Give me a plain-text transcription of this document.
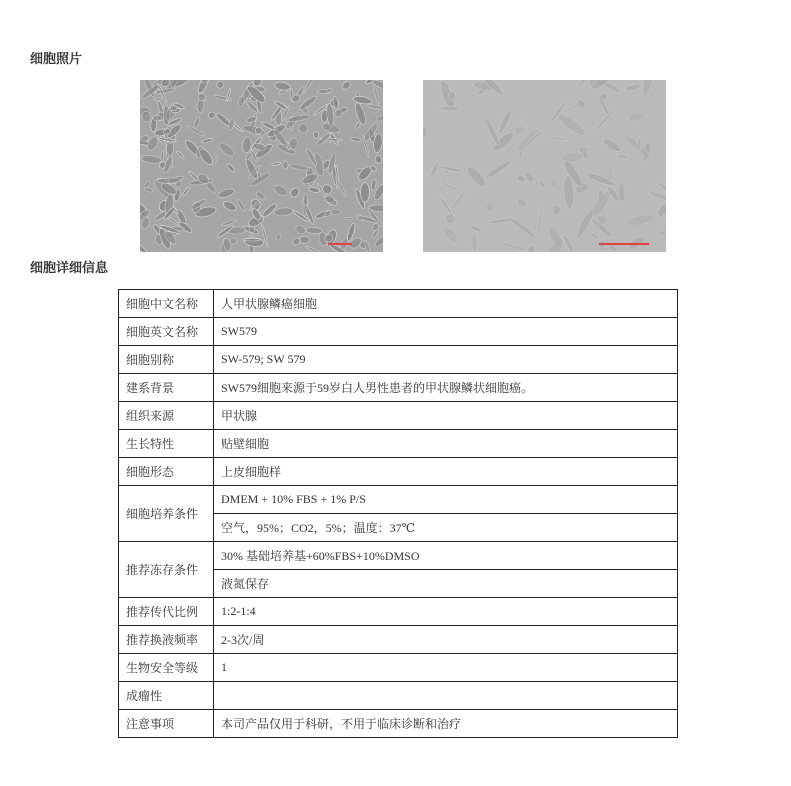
细胞照片
细胞详细信息
细胞中文名称	人甲状腺鳞癌细胞
细胞英文名称	SW579
细胞别称	SW-579; SW 579
建系背景	SW579细胞来源于59岁白人男性患者的甲状腺鳞状细胞癌。
组织来源	甲状腺
生长特性	贴壁细胞
细胞形态	上皮细胞样
细胞培养条件	DMEM + 10% FBS + 1% P/S
	空气，95%；CO2，5%；温度：37℃
推荐冻存条件	30% 基础培养基+60%FBS+10%DMSO
	液氮保存
推荐传代比例	1:2-1:4
推荐换液频率	2-3次/周
生物安全等级	1
成瘤性	
注意事项	本司产品仅用于科研，不用于临床诊断和治疗
